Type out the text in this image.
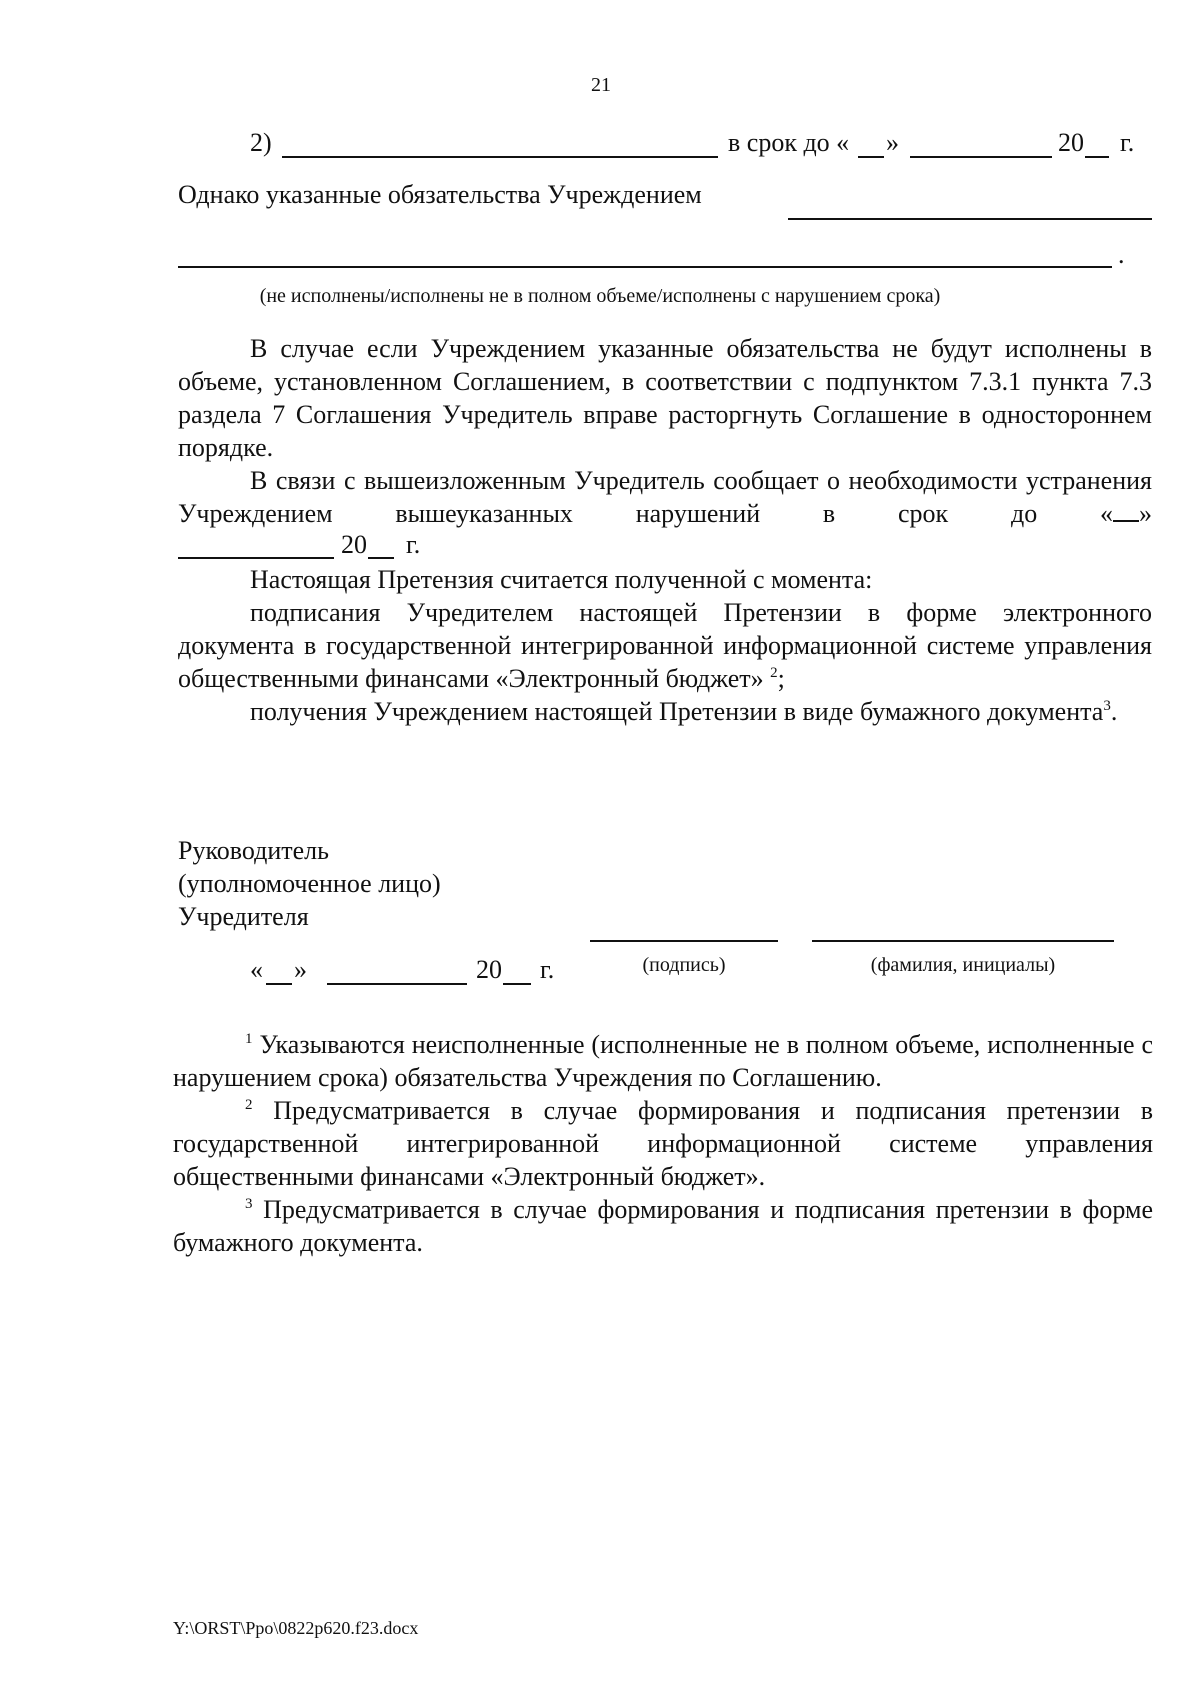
21
2)	в срок до « »	20 г.
Однако указанные обязательства Учреждением
.
(не исполнены/исполнены не в полном объеме/исполнены с нарушением срока)
В случае если Учреждением указанные обязательства не будут исполнены в объеме, установленном Соглашением, в соответствии с подпунктом 7.3.1 пункта 7.3 раздела 7 Соглашения Учредитель вправе расторгнуть Соглашение в одностороннем порядке.
В связи с вышеизложенным Учредитель сообщает о необходимости устранения Учреждением вышеуказанных нарушений в срок до « »
20 г.
Настоящая Претензия считается полученной с момента:
подписания Учредителем настоящей Претензии в форме электронного документа в государственной интегрированной информационной системе управления общественными финансами «Электронный бюджет» $^2$;
получения Учреждением настоящей Претензии в виде бумажного документа$^3$.
Руководитель
(уполномоченное лицо)
Учредителя
« »	20 г.	(подпись)	(фамилия, инициалы)
$^1$ Указываются неисполненные (исполненные не в полном объеме, исполненные с нарушением срока) обязательства Учреждения по Соглашению.
$^2$ Предусматривается в случае формирования и подписания претензии в государственной интегрированной информационной системе управления общественными финансами «Электронный бюджет».
$^3$ Предусматривается в случае формирования и подписания претензии в форме бумажного документа.
Y:\ORST\Ppo\0822p620.f23.docx
